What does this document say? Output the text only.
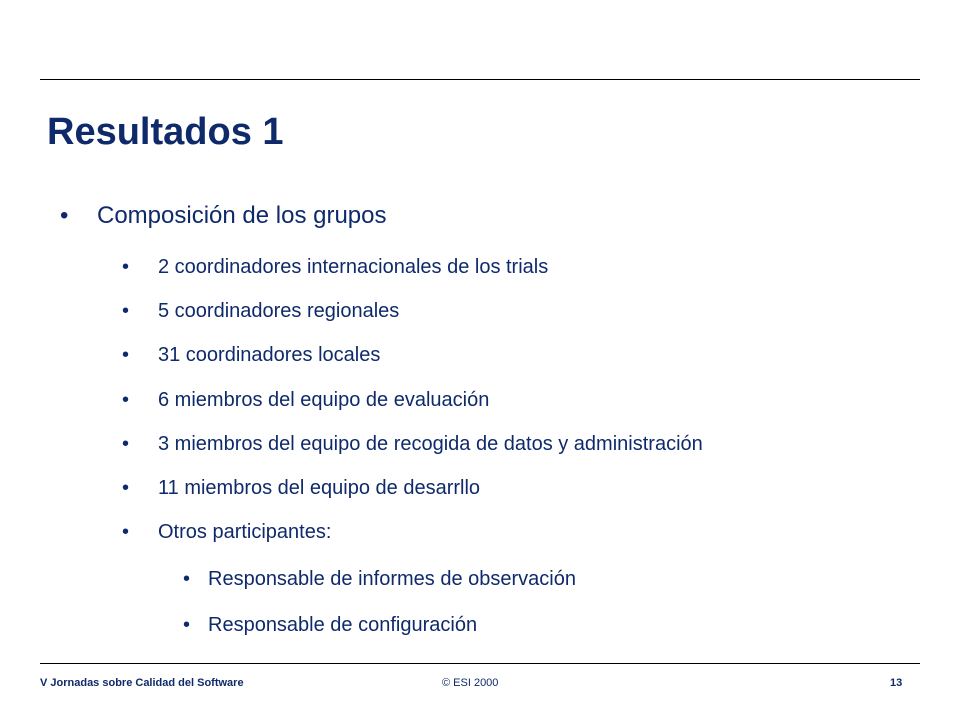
Resultados 1
• Composición de los grupos
• 2 coordinadores internacionales de los trials
• 5 coordinadores regionales
• 31 coordinadores locales
• 6 miembros del equipo de evaluación
• 3 miembros del equipo de recogida de datos y administración
• 11 miembros del equipo de desarrllo
• Otros participantes:
• Responsable de informes de observación
• Responsable de configuración
V Jornadas sobre Calidad del Software	© ESI 2000	13
